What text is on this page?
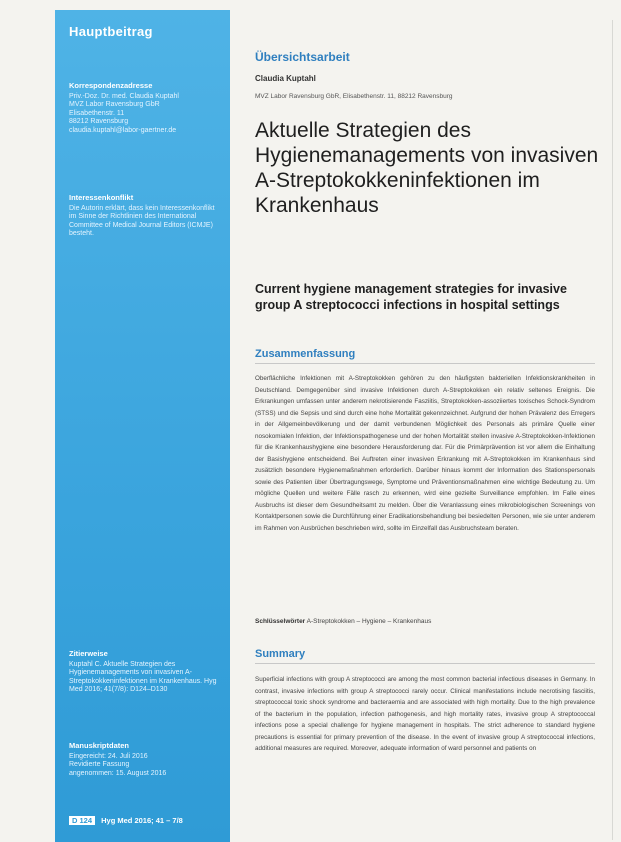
Hauptbeitrag
Korrespondenzadresse

Priv.-Doz. Dr. med. Claudia Kuptahl

MVZ Labor Ravensburg GbR

Elisabethenstr. 11

88212 Ravensburg

claudia.kuptahl@labor-gaertner.de

Interessenkonflikt

Die Autorin erklärt, dass kein Interessenkonflikt im Sinne der Richtlinien des International Committee of Medical Journal Editors (ICMJE) besteht.

Zitierweise

Kuptahl C. Aktuelle Strategien des Hygienemanagements von invasiven A-Streptokokkeninfektionen im Krankenhaus. Hyg Med 2016; 41(7/8): D124–D130

Manuskriptdaten

Eingereicht: 24. Juli 2016

Revidierte Fassung

angenommen: 15. August 2016

D 124 Hyg Med 2016; 41 – 7/8
Übersichtsarbeit
Claudia Kuptahl
MVZ Labor Ravensburg GbR, Elisabethenstr. 11, 88212 Ravensburg
Aktuelle Strategien des Hygienemanagements von invasiven A-Streptokokkeninfektionen im Krankenhaus
Current hygiene management strategies for invasive group A streptococci infections in hospital settings
Zusammenfassung

Oberflächliche Infektionen mit A-Streptokokken gehören zu den häufigsten bakteriellen Infektionskrankheiten in Deutschland. Demgegenüber sind invasive Infektionen durch A-Streptokokken ein relativ seltenes Ereignis. Die Erkrankungen umfassen unter anderem nekrotisierende Fasziitis, Streptokokken-assoziiertes toxisches Schock-Syndrom (STSS) und die Sepsis und sind durch eine hohe Mortalität gekennzeichnet. Aufgrund der hohen Prävalenz des Erregers in der Allgemeinbevölkerung und der damit verbundenen Möglichkeit des Personals als primäre Quelle einer nosokomialen Infektion, der Infektionspathogenese und der hohen Mortalität stellen invasive A-Streptokokken-Infektionen für die Krankenhaushygiene eine besondere Herausforderung dar. Für die Primärprävention ist vor allem die Einhaltung der Basishygiene entscheidend. Bei Auftreten einer invasiven Erkrankung mit A-Streptokokken im Krankenhaus sind zusätzlich besondere Hygienemaßnahmen erforderlich. Darüber hinaus kommt der Information des Stationspersonals sowie des Patienten über Übertragungswege, Symptome und Präventionsmaßnahmen eine wichtige Bedeutung zu. Um mögliche Quellen und weitere Fälle rasch zu erkennen, wird eine gezielte Surveillance empfohlen. Im Falle eines Ausbruchs ist dieser dem Gesundheitsamt zu melden. Über die Veranlassung eines mikrobiologischen Screenings von Kontaktpersonen sowie die Durchführung einer Eradikationsbehandlung bei besiedelten Personen, wie sie unter anderem im Rahmen von Ausbrüchen beschrieben wird, sollte im Einzelfall das Ausbruchsteam beraten.

Schlüsselwörter A-Streptokokken – Hygiene – Krankenhaus
Summary

Superficial infections with group A streptococci are among the most common bacterial infectious diseases in Germany. In contrast, invasive infections with group A streptococci rarely occur. Clinical manifestations include necrotising fasciitis, streptococcal toxic shock syndrome and bacteraemia and are associated with high mortality. Due to the high prevalence of the bacterium in the population, infection pathogenesis, and high mortality rates, invasive group A streptococcal infections pose a special challenge for hygiene management in hospitals. The strict adherence to standard hygiene precautions is essential for primary prevention of the disease. In the event of invasive group A streptococcal infections, additional measures are required. Moreover, adequate information of ward personnel and patients on
